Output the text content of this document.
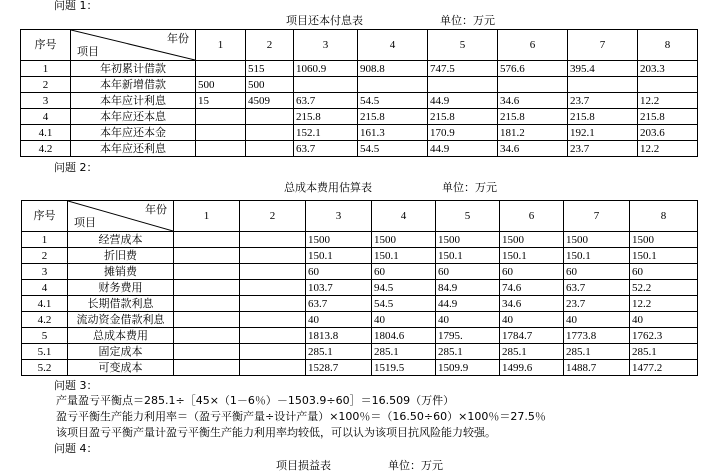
问题 1：
项目还本付息表	单位：万元
序号	年份
项目	1	2	3	4	5	6	7	8
1	年初累计借款		515	1060.9	908.8	747.5	576.6	395.4	203.3
2	本年新增借款	500	500						
3	本年应计利息	15	4509	63.7	54.5	44.9	34.6	23.7	12.2
4	本年应还本息			215.8	215.8	215.8	215.8	215.8	215.8
4.1	本年应还本金			152.1	161.3	170.9	181.2	192.1	203.6
4.2	本年应还利息			63.7	54.5	44.9	34.6	23.7	12.2
问题 2：
总成本费用估算表	单位：万元
序号	年份
项目	1	2	3	4	5	6	7	8
1	经营成本			1500	1500	1500	1500	1500	1500
2	折旧费			150.1	150.1	150.1	150.1	150.1	150.1
3	摊销费			60	60	60	60	60	60
4	财务费用			103.7	94.5	84.9	74.6	63.7	52.2
4.1	长期借款利息			63.7	54.5	44.9	34.6	23.7	12.2
4.2	流动资金借款利息			40	40	40	40	40	40
5	总成本费用			1813.8	1804.6	1795.	1784.7	1773.8	1762.3
5.1	固定成本			285.1	285.1	285.1	285.1	285.1	285.1
5.2	可变成本			1528.7	1519.5	1509.9	1499.6	1488.7	1477.2
问题 3：
产量盈亏平衡点＝285.1÷［45×（1－6％）－1503.9÷60］＝16.509（万件）
盈亏平衡生产能力利用率＝（盈亏平衡产量÷设计产量）×100％＝（16.50÷60）×100％＝27.5％
该项目盈亏平衡产量计盈亏平衡生产能力利用率均较低，可以认为该项目抗风险能力较强。
问题 4：
项目损益表	单位：万元
